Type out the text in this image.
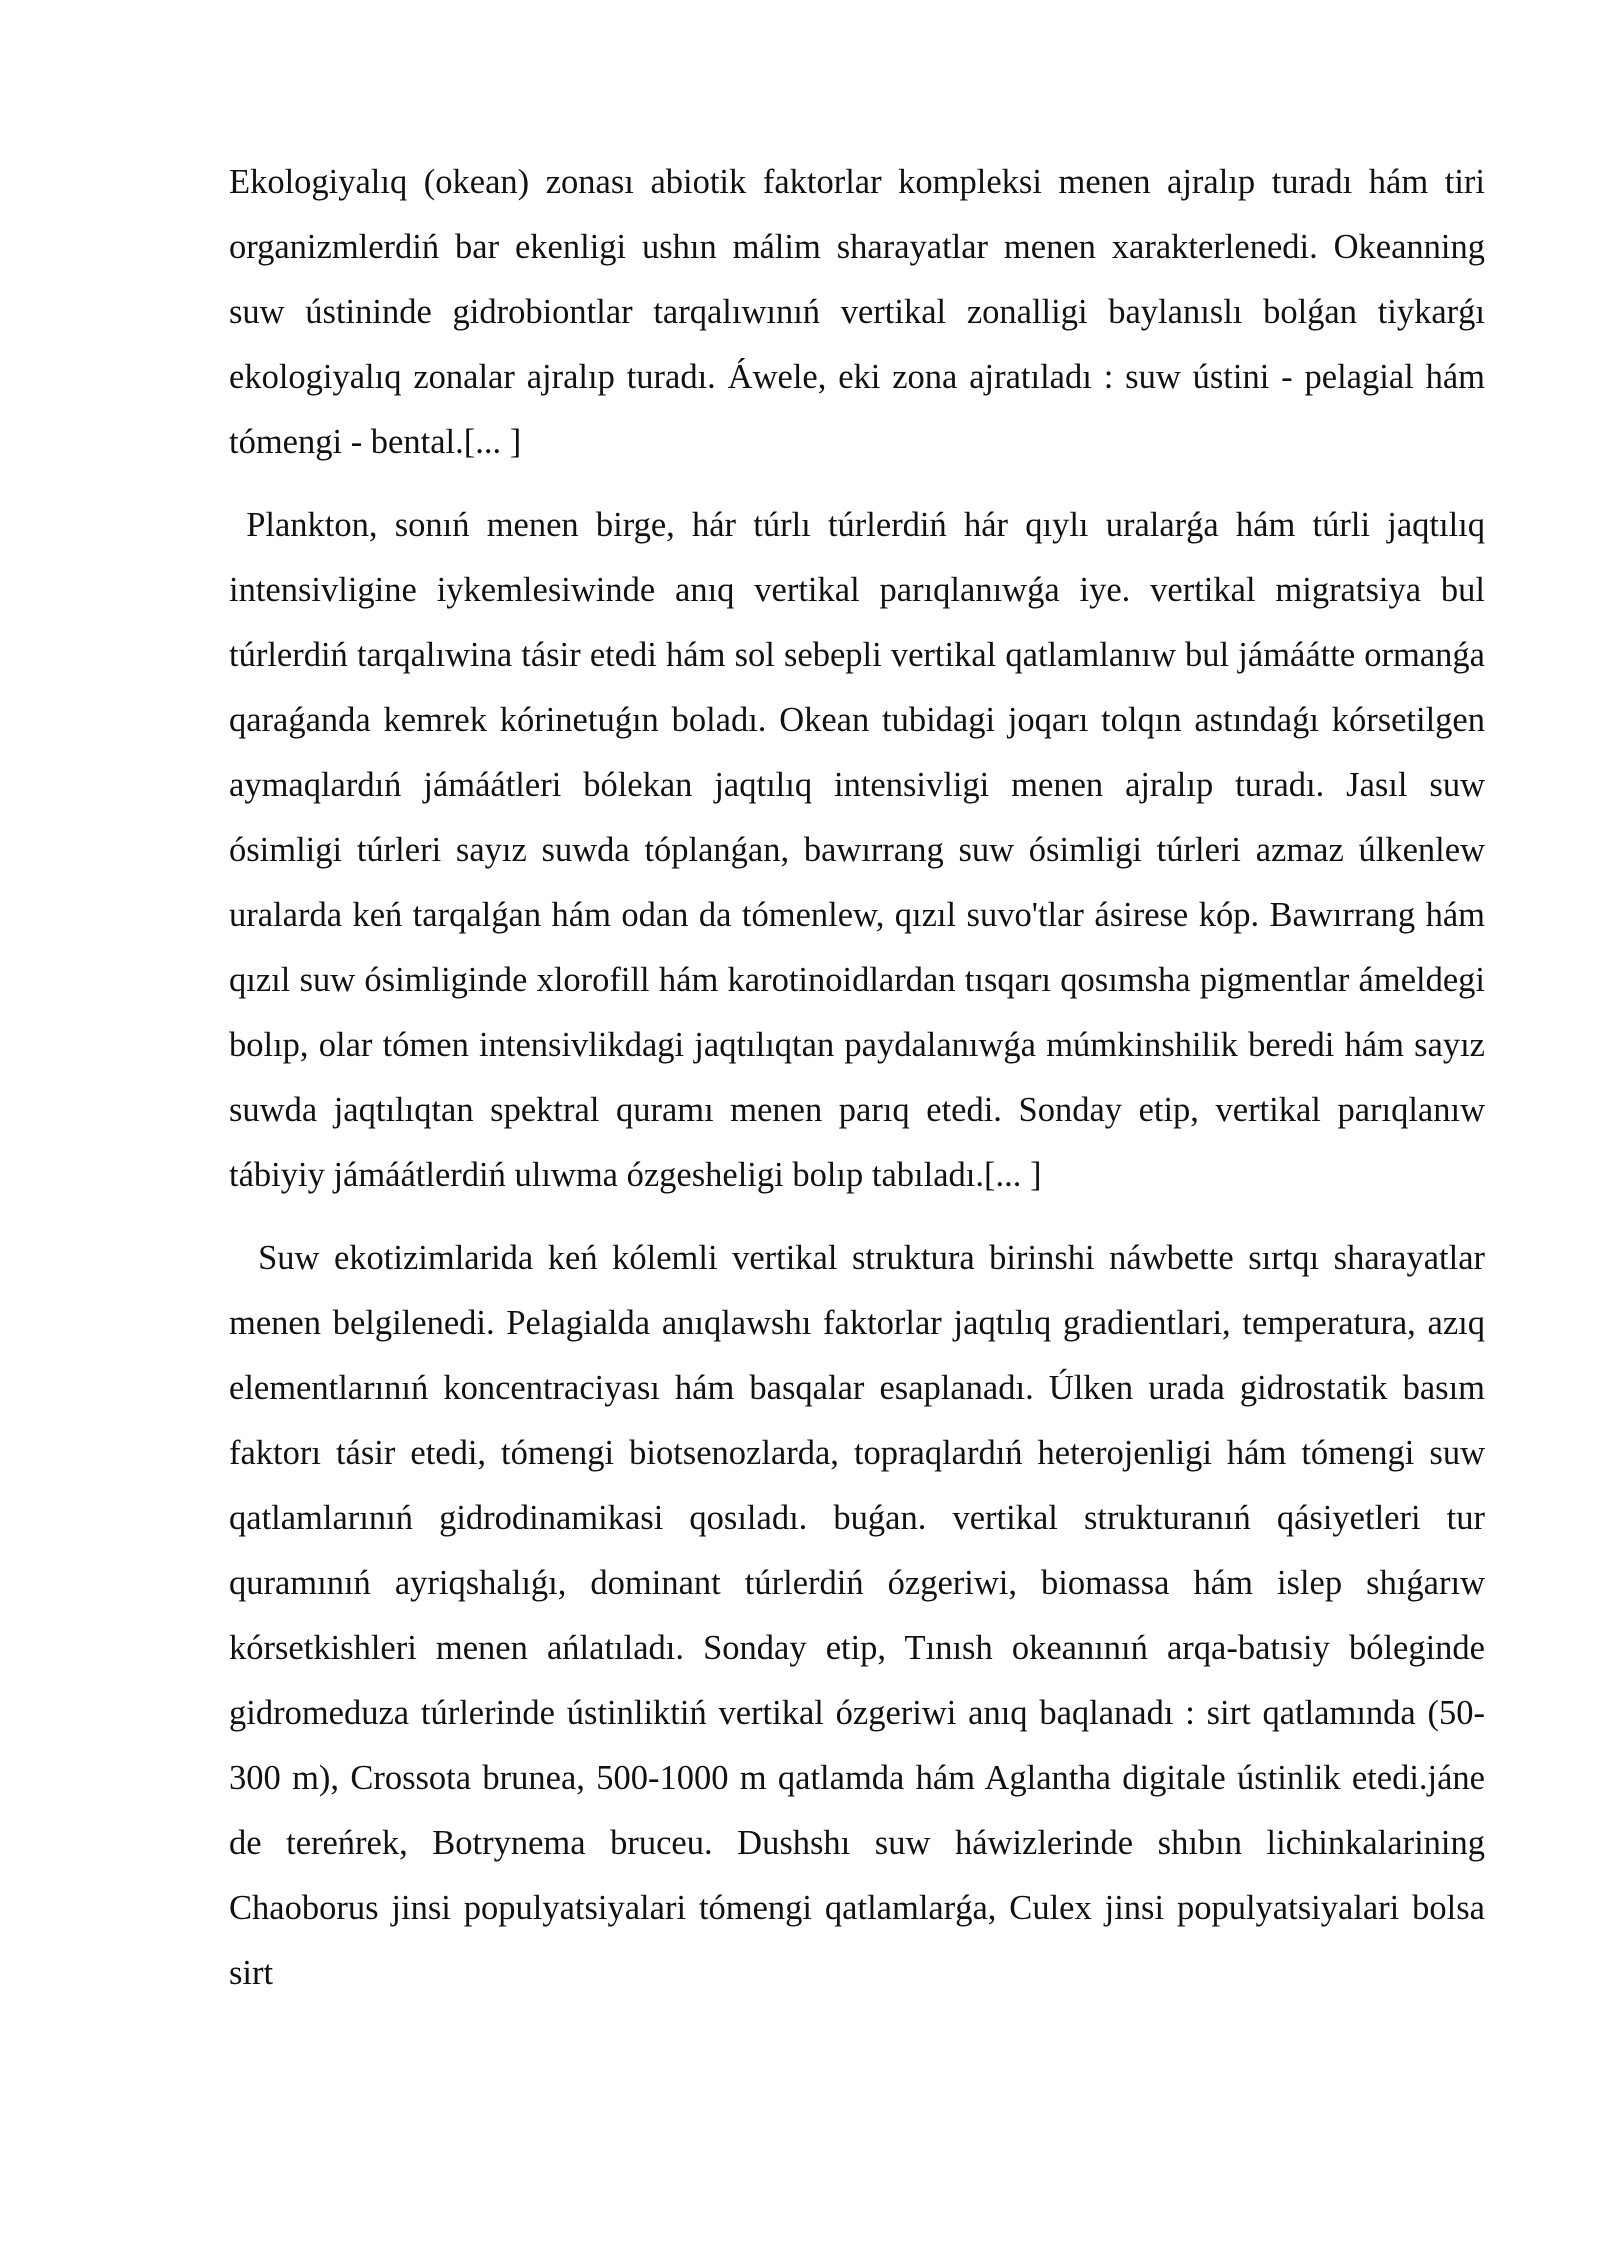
Ekologiyalıq (okean) zonası abiotik faktorlar kompleksi menen ajralıp turadı hám tiri organizmlerdiń bar ekenligi ushın málim sharayatlar menen xarakterlenedi. Okeanning suw ústininde gidrobiontlar tarqalıwınıń vertikal zonalligi baylanıslı bolǵan tiykarǵı ekologiyalıq zonalar ajralıp turadı. Áwele, eki zona ajratıladı : suw ústini - pelagial hám tómengi - bental.[... ]

Plankton, sonıń menen birge, hár túrlı túrlerdiń hár qıylı uralarǵa hám túrli jaqtılıq intensivligine iykemlesiwinde anıq vertikal parıqlanıwǵa iye. vertikal migratsiya bul túrlerdiń tarqalıwina tásir etedi hám sol sebepli vertikal qatlamlanıw bul jámáátte ormanǵa qaraǵanda kemrek kórinetuǵın boladı. Okean tubidagi joqarı tolqın astındaǵı kórsetilgen aymaqlardıń jámáátleri bólekan jaqtılıq intensivligi menen ajralıp turadı. Jasıl suw ósimligi túrleri sayız suwda tóplanǵan, bawırrang suw ósimligi túrleri azmaz úlkenlew uralarda keń tarqalǵan hám odan da tómenlew, qızıl suvo'tlar ásirese kóp. Bawırrang hám qızıl suw ósimliginde xlorofill hám karotinoidlardan tısqarı qosımsha pigmentlar ámeldegi bolıp, olar tómen intensivlikdagi jaqtılıqtan paydalanıwǵa múmkinshilik beredi hám sayız suwda jaqtılıqtan spektral quramı menen parıq etedi. Sonday etip, vertikal parıqlanıw tábiyiy jámáátlerdiń ulıwma ózgesheligi bolıp tabıladı.[... ]

Suw ekotizimlarida keń kólemli vertikal struktura birinshi náwbette sırtqı sharayatlar menen belgilenedi. Pelagialda anıqlawshı faktorlar jaqtılıq gradientlari, temperatura, azıq elementlarınıń koncentraciyası hám basqalar esaplanadı. Úlken urada gidrostatik basım faktorı tásir etedi, tómengi biotsenozlarda, topraqlardıń heterojenligi hám tómengi suw qatlamlarınıń gidrodinamikasi qosıladı. buǵan. vertikal strukturanıń qásiyetleri tur quramınıń ayriqshalıǵı, dominant túrlerdiń ózgeriwi, biomassa hám islep shıǵarıw kórsetkishleri menen ańlatıladı. Sonday etip, Tınısh okeanınıń arqa-batısiy bóleginde gidromeduza túrlerinde ústinliktiń vertikal ózgeriwi anıq baqlanadı : sirt qatlamında (50-300 m), Crossota brunea, 500-1000 m qatlamda hám Aglantha digitale ústinlik etedi.jáne de tereńrek, Botrynema bruceu. Dushshı suw háwizlerinde shıbın lichinkalarining Chaoborus jinsi populyatsiyalari tómengi qatlamlarǵa, Culex jinsi populyatsiyalari bolsa sirt
